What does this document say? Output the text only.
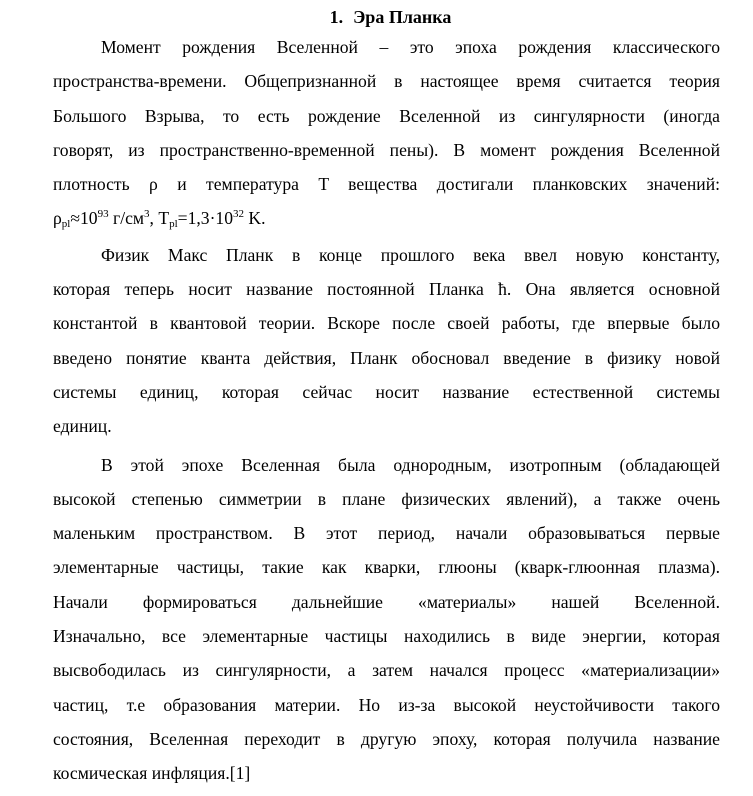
1. Эра Планка
Момент рождения Вселенной – это эпоха рождения классического
пространства-времени. Общепризнанной в настоящее время считается теория
Большого Взрыва, то есть рождение Вселенной из сингулярности (иногда
говорят, из пространственно-временной пены). В момент рождения Вселенной
плотность ρ и температура T вещества достигали планковских значений:
$\rho_{pl}\approx 10^{93}$ $г/см^3$, $T_{pl}=1,3\cdot 10^{32}$ K.
Физик Макс Планк в конце прошлого века ввел новую константу,
которая теперь носит название постоянной Планка ħ. Она является основной
константой в квантовой теории. Вскоре после своей работы, где впервые было
введено понятие кванта действия, Планк обосновал введение в физику новой
системы единиц, которая сейчас носит название естественной системы
единиц.
В этой эпохе Вселенная была однородным, изотропным (обладающей
высокой степенью симметрии в плане физических явлений), а также очень
маленьким пространством. В этот период, начали образовываться первые
элементарные частицы, такие как кварки, глюоны (кварк-глюонная плазма).
Начали формироваться дальнейшие «материалы» нашей Вселенной.
Изначально, все элементарные частицы находились в виде энергии, которая
высвободилась из сингулярности, а затем начался процесс «материализации»
частиц, т.е образования материи. Но из-за высокой неустойчивости такого
состояния, Вселенная переходит в другую эпоху, которая получила название
космическая инфляция.[1]
